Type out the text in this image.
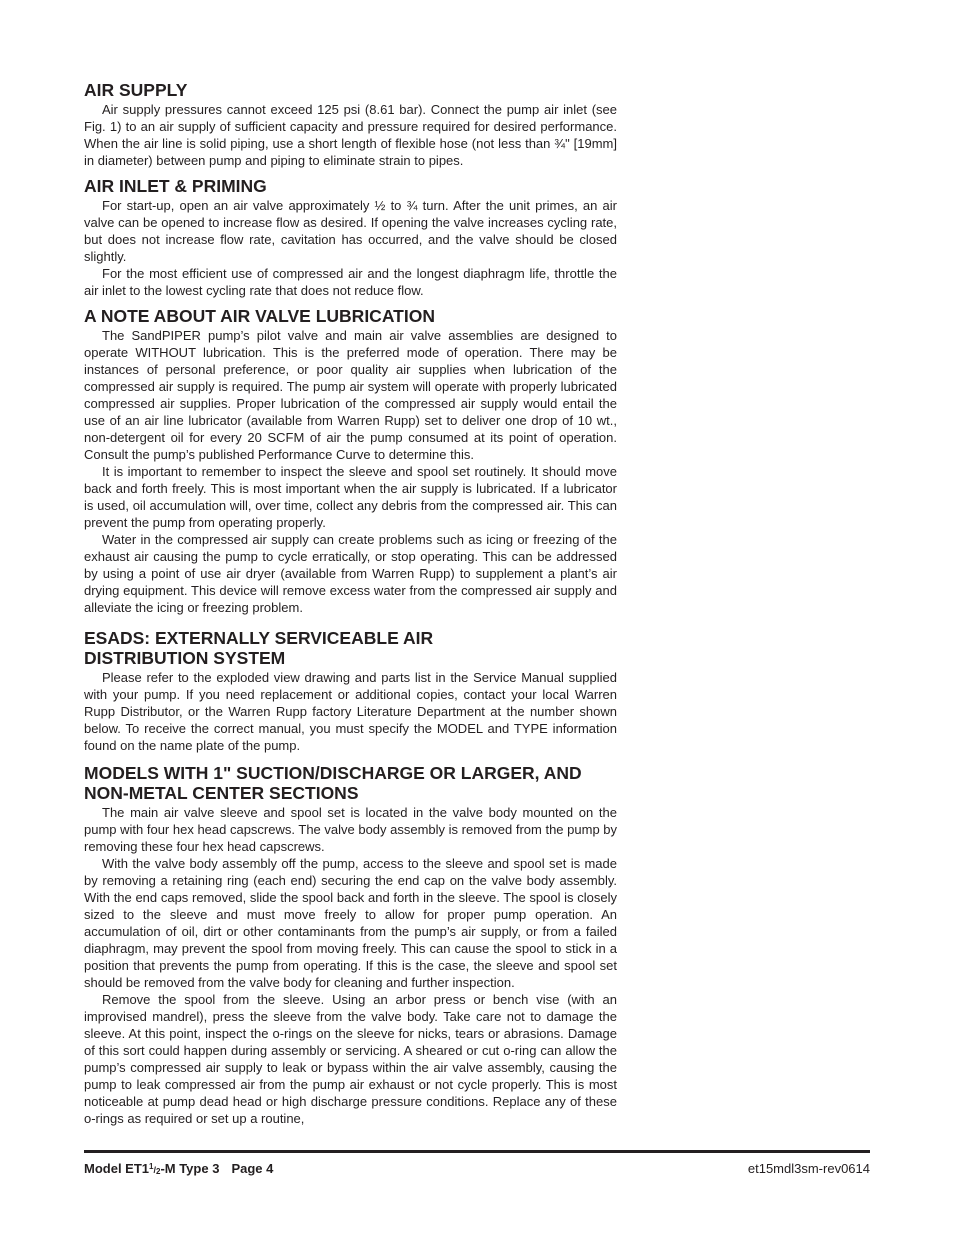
AIR SUPPLY

Air supply pressures cannot exceed 125 psi (8.61 bar). Connect the pump air inlet (see Fig. 1) to an air supply of sufficient capacity and pressure required for desired performance. When the air line is solid piping, use a short length of flexible hose (not less than ¾" [19mm] in diameter) between pump and piping to eliminate strain to pipes.

AIR INLET & PRIMING

For start-up, open an air valve approximately ½ to ¾ turn. After the unit primes, an air valve can be opened to increase flow as desired. If opening the valve increases cycling rate, but does not increase flow rate, cavitation has occurred, and the valve should be closed slightly.

For the most efficient use of compressed air and the longest diaphragm life, throttle the air inlet to the lowest cycling rate that does not reduce flow.

A NOTE ABOUT AIR VALVE LUBRICATION

The SandPIPER pump’s pilot valve and main air valve assemblies are designed to operate WITHOUT lubrication. This is the preferred mode of operation. There may be instances of personal preference, or poor quality air supplies when lubrication of the compressed air supply is required. The pump air system will operate with properly lubricated compressed air supplies. Proper lubrication of the compressed air supply would entail the use of an air line lubricator (available from Warren Rupp) set to deliver one drop of 10 wt., non-detergent oil for every 20 SCFM of air the pump consumed at its point of operation. Consult the pump’s published Performance Curve to determine this.

It is important to remember to inspect the sleeve and spool set routinely. It should move back and forth freely. This is most important when the air supply is lubricated. If a lubricator is used, oil accumulation will, over time, collect any debris from the compressed air. This can prevent the pump from operating properly.

Water in the compressed air supply can create problems such as icing or freezing of the exhaust air causing the pump to cycle erratically, or stop operating. This can be addressed by using a point of use air dryer (available from Warren Rupp) to supplement a plant’s air drying equipment. This device will remove excess water from the compressed air supply and alleviate the icing or freezing problem.

ESADS: EXTERNALLY SERVICEABLE AIR
DISTRIBUTION SYSTEM

Please refer to the exploded view drawing and parts list in the Service Manual supplied with your pump. If you need replacement or additional copies, contact your local Warren Rupp Distributor, or the Warren Rupp factory Literature Department at the number shown below. To receive the correct manual, you must specify the MODEL and TYPE information found on the name plate of the pump.

MODELS WITH 1" SUCTION/DISCHARGE OR LARGER, AND
NON-METAL CENTER SECTIONS

The main air valve sleeve and spool set is located in the valve body mounted on the pump with four hex head capscrews. The valve body assembly is removed from the pump by removing these four hex head capscrews.

With the valve body assembly off the pump, access to the sleeve and spool set is made by removing a retaining ring (each end) securing the end cap on the valve body assembly. With the end caps removed, slide the spool back and forth in the sleeve. The spool is closely sized to the sleeve and must move freely to allow for proper pump operation. An accumulation of oil, dirt or other contaminants from the pump’s air supply, or from a failed diaphragm, may prevent the spool from moving freely. This can cause the spool to stick in a position that prevents the pump from operating. If this is the case, the sleeve and spool set should be removed from the valve body for cleaning and further inspection.

Remove the spool from the sleeve. Using an arbor press or bench vise (with an improvised mandrel), press the sleeve from the valve body. Take care not to damage the sleeve. At this point, inspect the o-rings on the sleeve for nicks, tears or abrasions. Damage of this sort could happen during assembly or servicing. A sheared or cut o-ring can allow the pump’s compressed air supply to leak or bypass within the air valve assembly, causing the pump to leak compressed air from the pump air exhaust or not cycle properly. This is most noticeable at pump dead head or high discharge pressure conditions. Replace any of these o-rings as required or set up a routine,

Model $ET1^1/_2-M$ Type 3 Page 4	et15mdl3sm-rev0614
